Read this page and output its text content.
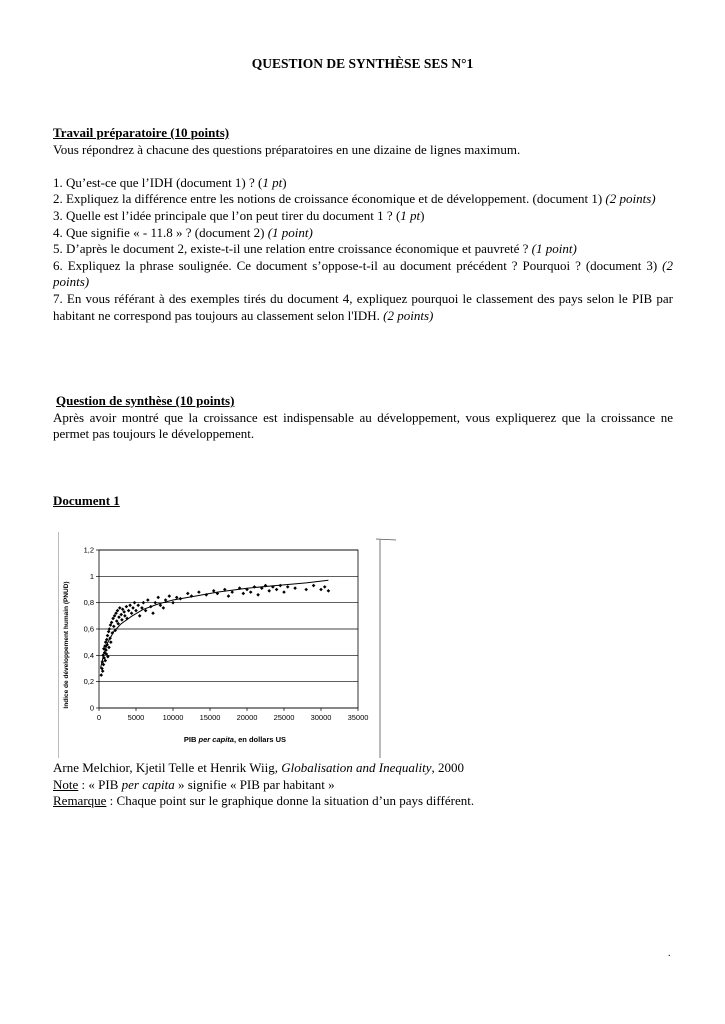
QUESTION DE SYNTHÈSE SES N°1

Travail préparatoire (10 points)

Vous répondrez à chacune des questions préparatoires en une dizaine de lignes maximum.

1. Qu’est-ce que l’IDH (document 1) ? (1 pt)

2. Expliquez la différence entre les notions de croissance économique et de développement. (document 1) (2 points)

3. Quelle est l’idée principale que l’on peut tirer du document 1 ? (1 pt)

4. Que signifie « - 11.8 » ? (document 2) (1 point)

5. D’après le document 2, existe-t-il une relation entre croissance économique et pauvreté ? (1 point)

6. Expliquez la phrase soulignée. Ce document s’oppose-t-il au document précédent ? Pourquoi ? (document 3) (2 points)

7. En vous référant à des exemples tirés du document 4, expliquez pourquoi le classement des pays selon le PIB par habitant ne correspond pas toujours au classement selon l'IDH. (2 points)

Question de synthèse (10 points)

Après avoir montré que la croissance est indispensable au développement, vous expliquerez que la croissance ne permet pas toujours le développement.

Document 1

0
0,2
0,4
0,6
0,8
1
1,2
0	5000 10000 15000 20000 25000 30000 35000
Indice de développement humain (PNUD)
PIB per capita, en dollars US

Arne Melchior, Kjetil Telle et Henrik Wiig, Globalisation and Inequality, 2000

Note : « PIB per capita » signifie « PIB par habitant »

Remarque : Chaque point sur le graphique donne la situation d’un pays différent.

.
